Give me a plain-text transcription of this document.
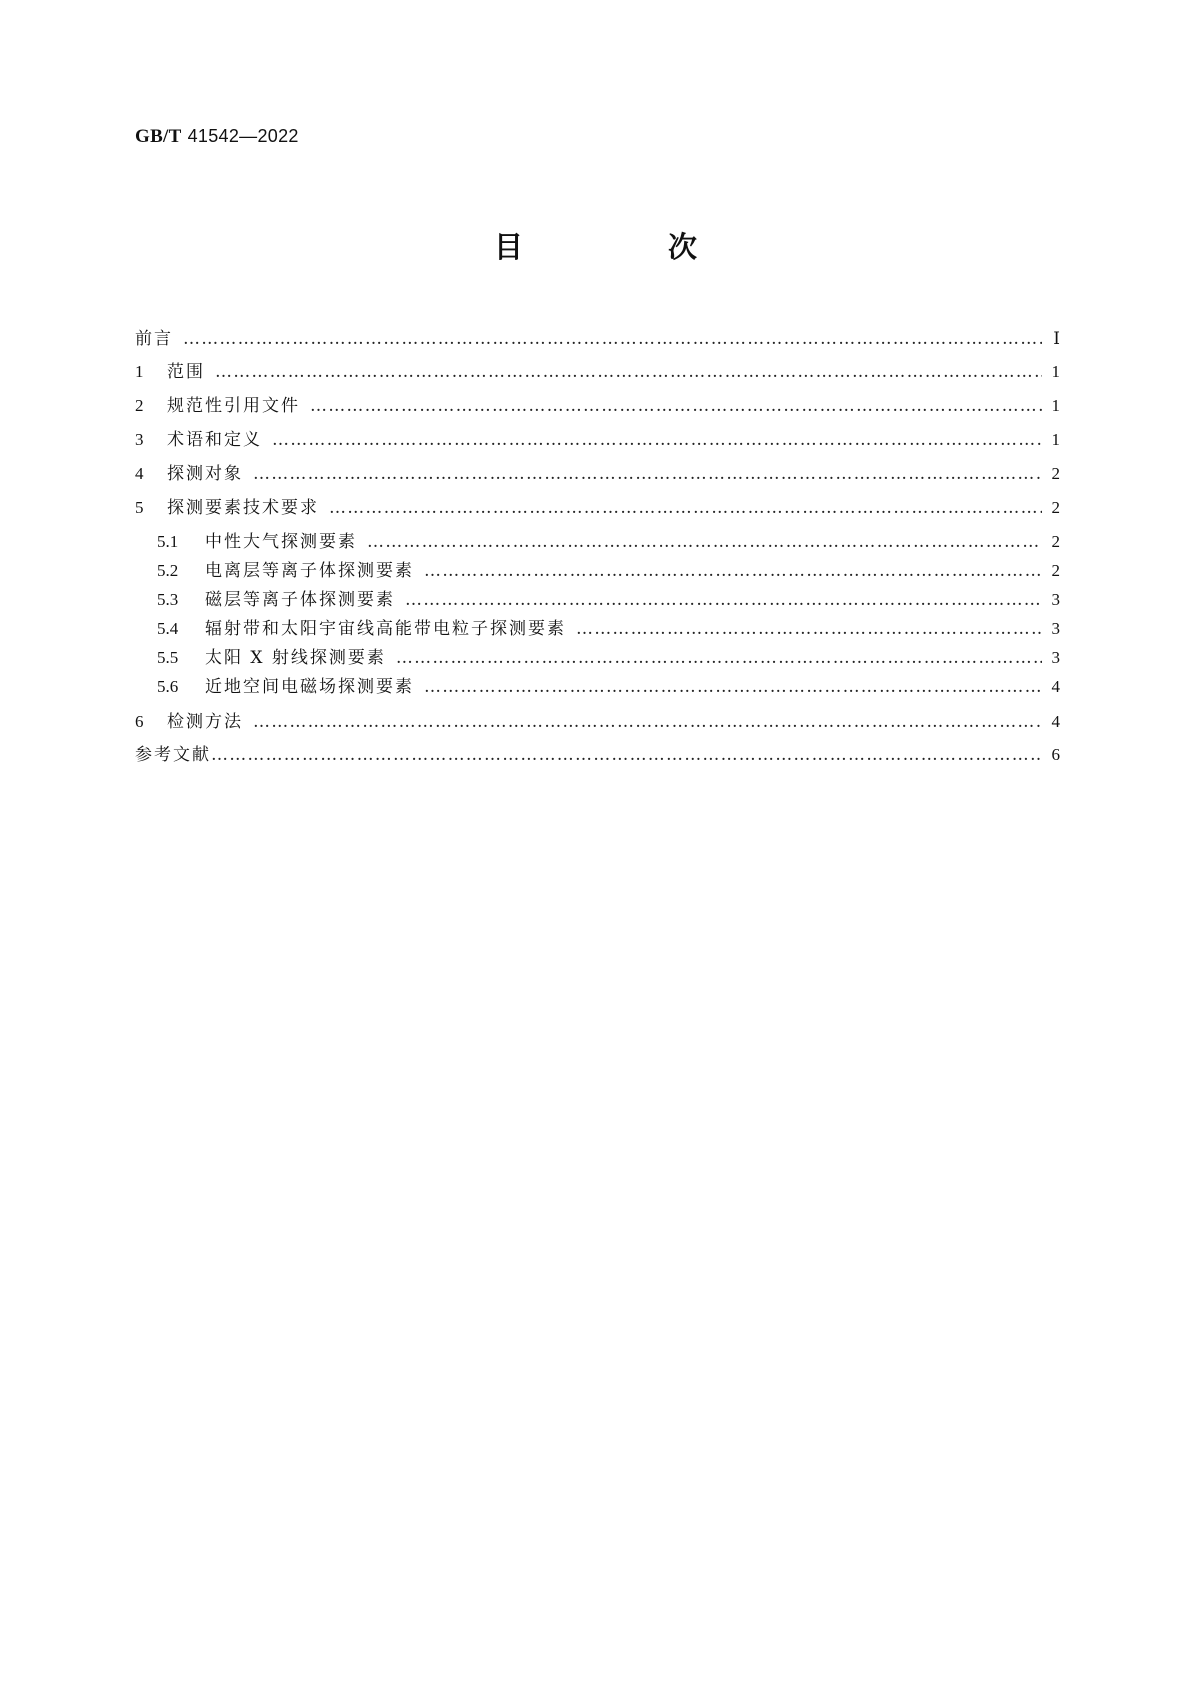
GB/T 41542—2022
目　次
前言 ……………………………………………………………………………………………………………………………………………………………………………………………………	Ⅰ
1	范围 ……………………………………………………………………………………………………………………………………………………………………………………………………	1
2	规范性引用文件 ……………………………………………………………………………………………………………………………………………………………………………………………………	1
3	术语和定义 ……………………………………………………………………………………………………………………………………………………………………………………………………	1
4	探测对象 ……………………………………………………………………………………………………………………………………………………………………………………………………	2
5	探测要素技术要求 ……………………………………………………………………………………………………………………………………………………………………………………………………	2
5.1	中性大气探测要素 ……………………………………………………………………………………………………………………………………………………………………………………………………	2
5.2	电离层等离子体探测要素 ……………………………………………………………………………………………………………………………………………………………………………………………………	2
5.3	磁层等离子体探测要素 ……………………………………………………………………………………………………………………………………………………………………………………………………	3
5.4	辐射带和太阳宇宙线高能带电粒子探测要素 ……………………………………………………………………………………………………………………………………………………………………………………………………	3
5.5	太阳 X 射线探测要素 ……………………………………………………………………………………………………………………………………………………………………………………………………	3
5.6	近地空间电磁场探测要素 ……………………………………………………………………………………………………………………………………………………………………………………………………	4
6	检测方法 ……………………………………………………………………………………………………………………………………………………………………………………………………	4
参考文献 ……………………………………………………………………………………………………………………………………………………………………………………………………	6
